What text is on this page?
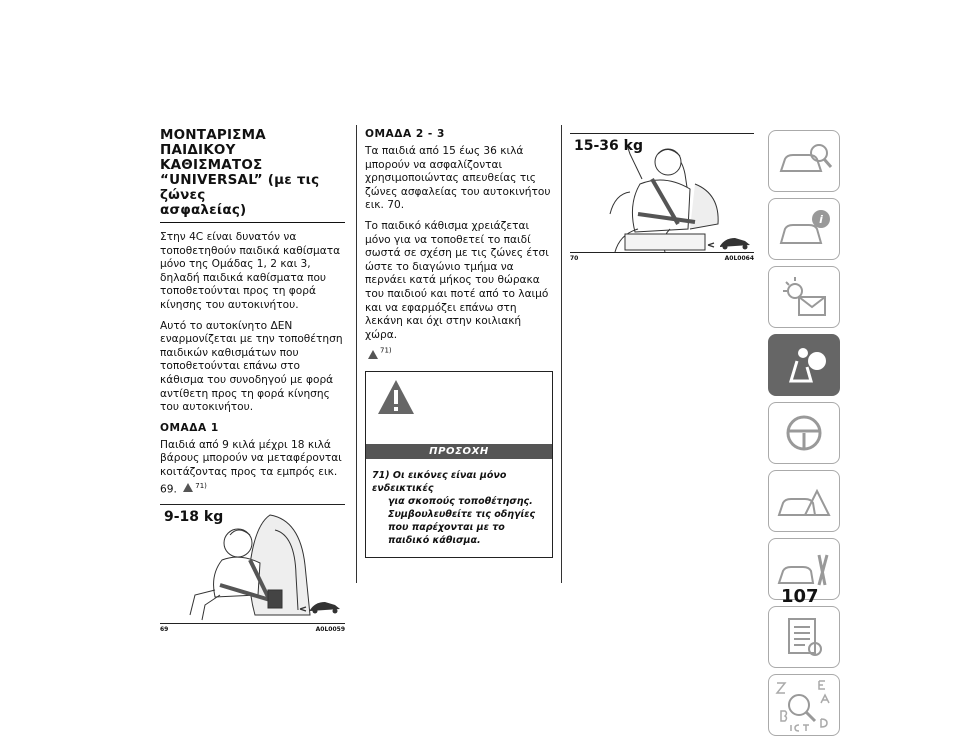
ΜΟΝΤΑΡΙΣΜΑ ΠΑΙΔΙΚΟΥ
ΚΑΘΙΣΜΑΤΟΣ
“UNIVERSAL” (με τις ζώνες
ασφαλείας)

Στην 4C είναι δυνατόν να τοποθετηθούν παιδικά καθίσματα μόνο της Ομάδας 1, 2 και 3, δηλαδή παιδικά καθίσματα που τοποθετούνται προς τη φορά κίνησης του αυτοκινήτου.

Αυτό το αυτοκίνητο ΔΕΝ εναρμονίζεται με την τοποθέτηση παιδικών καθισμάτων που τοποθετούνται επάνω στο κάθισμα του συνοδηγού με φορά αντίθετη προς τη φορά κίνησης του αυτοκινήτου.

ΟΜΑΔΑ 1

Παιδιά από 9 κιλά μέχρι 18 κιλά βάρους μπορούν να μεταφέρονται κοιτάζοντας προς τα εμπρός εικ. 69.	$^{71)}$

9-18 kg
69	A0L0059

ΟΜΑΔΑ 2 - 3

Τα παιδιά από 15 έως 36 κιλά μπορούν να ασφαλίζονται χρησιμοποιώντας απευθείας τις ζώνες ασφαλείας του αυτοκινήτου εικ. 70.

Το παιδικό κάθισμα χρειάζεται μόνο για να τοποθετεί το παιδί σωστά σε σχέση με τις ζώνες έτσι ώστε το διαγώνιο τμήμα να περνάει κατά μήκος του θώρακα του παιδιού και ποτέ από το λαιμό και να εφαρμόζει επάνω στη λεκάνη και όχι στην κοιλιακή χώρα.

$^{71)}$
ΠΡΟΣΟΧΗ
71) Οι εικόνες είναι μόνο ενδεικτικές
για σκοπούς τοποθέτησης. Συμβουλευθείτε τις οδηγίες που παρέχονται με το παιδικό κάθισμα.
15-36 kg
70	A0L0064
i
107
